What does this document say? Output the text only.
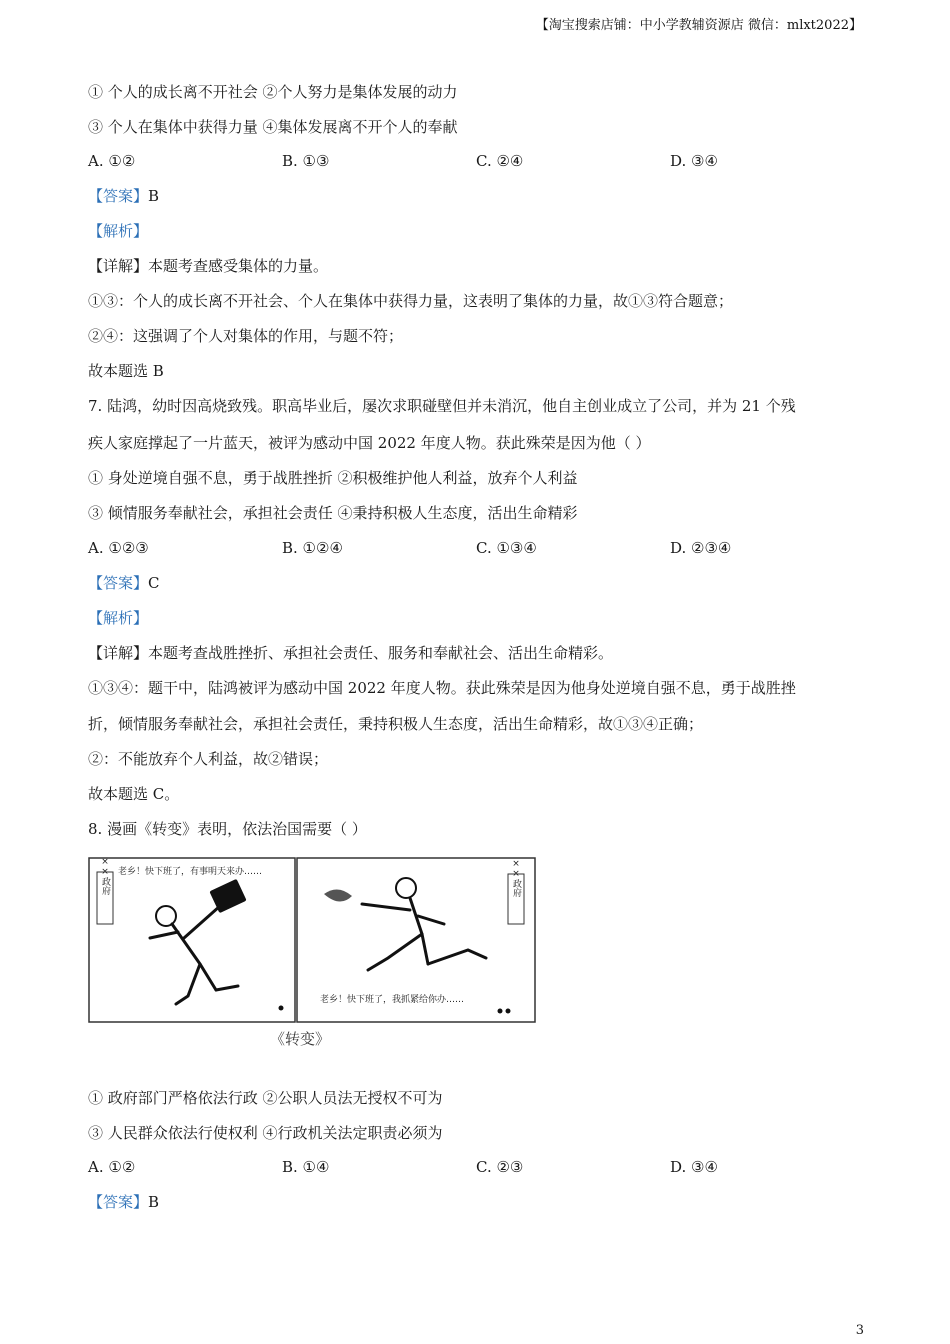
【淘宝搜索店铺：中小学教辅资源店 微信：mlxt2022】
① 个人的成长离不开社会 ②个人努力是集体发展的动力
③ 个人在集体中获得力量 ④集体发展离不开个人的奉献
A. ①②	B. ①③	C. ②④	D. ③④
【答案】B
【解析】
【详解】本题考查感受集体的力量。
①③：个人的成长离不开社会、个人在集体中获得力量，这表明了集体的力量，故①③符合题意；
②④：这强调了个人对集体的作用，与题不符；
故本题选 B
7. 陆鸿，幼时因高烧致残。职高毕业后，屡次求职碰壁但并未消沉，他自主创业成立了公司，并为 21 个残
疾人家庭撑起了一片蓝天，被评为感动中国 2022 年度人物。获此殊荣是因为他（ ）
① 身处逆境自强不息，勇于战胜挫折 ②积极维护他人利益，放弃个人利益
③ 倾情服务奉献社会，承担社会责任 ④秉持积极人生态度，活出生命精彩
A. ①②③	B. ①②④	C. ①③④	D. ②③④
【答案】C
【解析】
【详解】本题考查战胜挫折、承担社会责任、服务和奉献社会、活出生命精彩。
①③④：题干中，陆鸿被评为感动中国 2022 年度人物。获此殊荣是因为他身处逆境自强不息，勇于战胜挫
折，倾情服务奉献社会，承担社会责任，秉持积极人生态度，活出生命精彩，故①③④正确；
②：不能放弃个人利益，故②错误；
故本题选 C。
8. 漫画《转变》表明，依法治国需要（ ）
××政府 老乡！快下班了，有事明天来办……	××政府
老乡！快下班了，我抓紧给你办……
《转变》
① 政府部门严格依法行政 ②公职人员法无授权不可为
③ 人民群众依法行使权利 ④行政机关法定职责必须为
A. ①②	B. ①④	C. ②③	D. ③④
【答案】B
3
